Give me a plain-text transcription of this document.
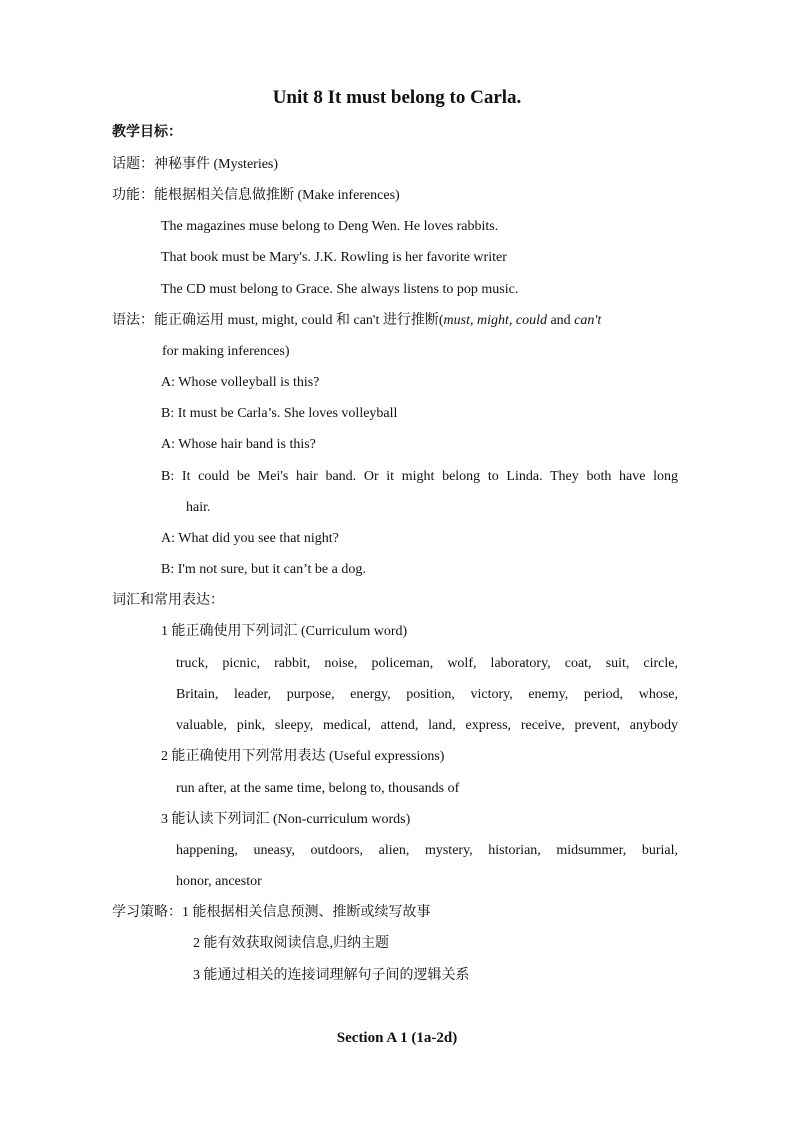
Unit 8 It must belong to Carla.
教学目标：
话题：神秘事件 (Mysteries)
功能：能根据相关信息做推断 (Make inferences)
The magazines muse belong to Deng Wen. He loves rabbits.
That book must be Mary's. J.K. Rowling is her favorite writer
The CD must belong to Grace. She always listens to pop music.
语法：能正确运用 must, might, could 和 can't 进行推断(must, might, could and can't
for making inferences)
A: Whose volleyball is this?
B: It must be Carla’s. She loves volleyball
A: Whose hair band is this?
B: It could be Mei's hair band. Or it might belong to Linda. They both have long
hair.
A: What did you see that night?
B: I'm not sure, but it can’t be a dog.
词汇和常用表达：
1 能正确使用下列词汇 (Curriculum word)
truck, picnic, rabbit, noise, policeman, wolf, laboratory, coat, suit, circle,
Britain, leader, purpose, energy, position, victory, enemy, period, whose,
valuable, pink, sleepy, medical, attend, land, express, receive, prevent, anybody
2 能正确使用下列常用表达 (Useful expressions)
run after, at the same time, belong to, thousands of
3 能认读下列词汇 (Non-curriculum words)
happening, uneasy, outdoors, alien, mystery, historian, midsummer, burial,
honor, ancestor
学习策略：1 能根据相关信息预测、推断或续写故事
2 能有效获取阅读信息,归纳主题
3 能通过相关的连接词理解句子间的逻辑关系
Section A 1 (1a-2d)
